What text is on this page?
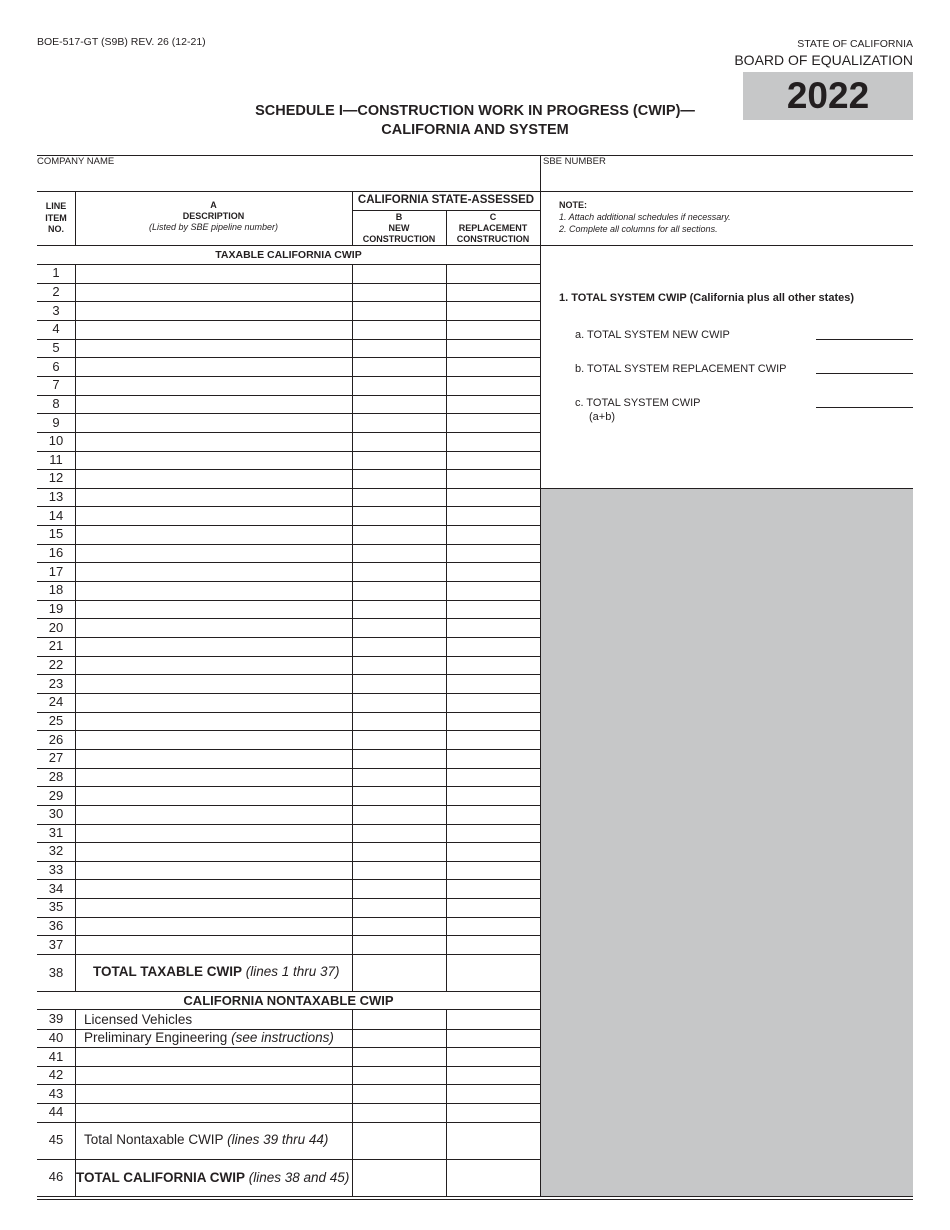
BOE-517-GT (S9B) REV. 26 (12-21)	STATE OF CALIFORNIA
BOARD OF EQUALIZATION
2022
SCHEDULE I—CONSTRUCTION WORK IN PROGRESS (CWIP)—
CALIFORNIA AND SYSTEM
COMPANY NAME	SBE NUMBER
LINE
ITEM
NO.
A
DESCRIPTION
(Listed by SBE pipeline number)
CALIFORNIA STATE-ASSESSED
B
NEW
CONSTRUCTION
C
REPLACEMENT
CONSTRUCTION
NOTE:
1. Attach additional schedules if necessary.
2. Complete all columns for all sections.
TAXABLE CALIFORNIA CWIP
1. TOTAL SYSTEM CWIP (California plus all other states)
a. TOTAL SYSTEM NEW CWIP
b. TOTAL SYSTEM REPLACEMENT CWIP
c. TOTAL SYSTEM CWIP
(a+b)
1
2
3
4
5
6
7
8
9
10
11
12
13
14
15
16
17
18
19
20
21
22
23
24
25
26
27
28
29
30
31
32
33
34
35
36
37
38
39
40
41
42
43
44
45
46
TOTAL TAXABLE CWIP (lines 1 thru 37)
CALIFORNIA NONTAXABLE CWIP
Licensed Vehicles
Preliminary Engineering (see instructions)
Total Nontaxable CWIP (lines 39 thru 44)
TOTAL CALIFORNIA CWIP (lines 38 and 45)
